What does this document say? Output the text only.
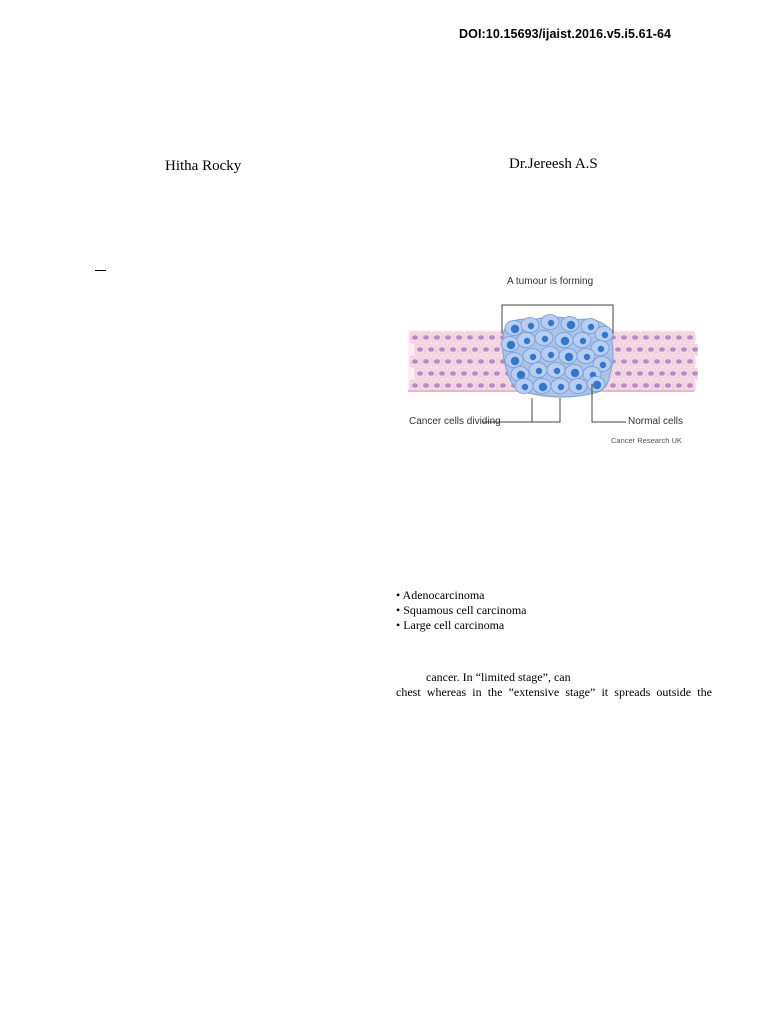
DOI:10.15693/ijaist.2016.v5.i5.61-64
Hitha Rocky	Dr.Jereesh A.S
A tumour is forming
Cancer cells dividing	Normal cells
Cancer Research UK
• Adenocarcinoma
• Squamous cell carcinoma
• Large cell carcinoma
cancer. In “limited stage”, can
chest whereas in the ”extensive stage” it spreads outside the
